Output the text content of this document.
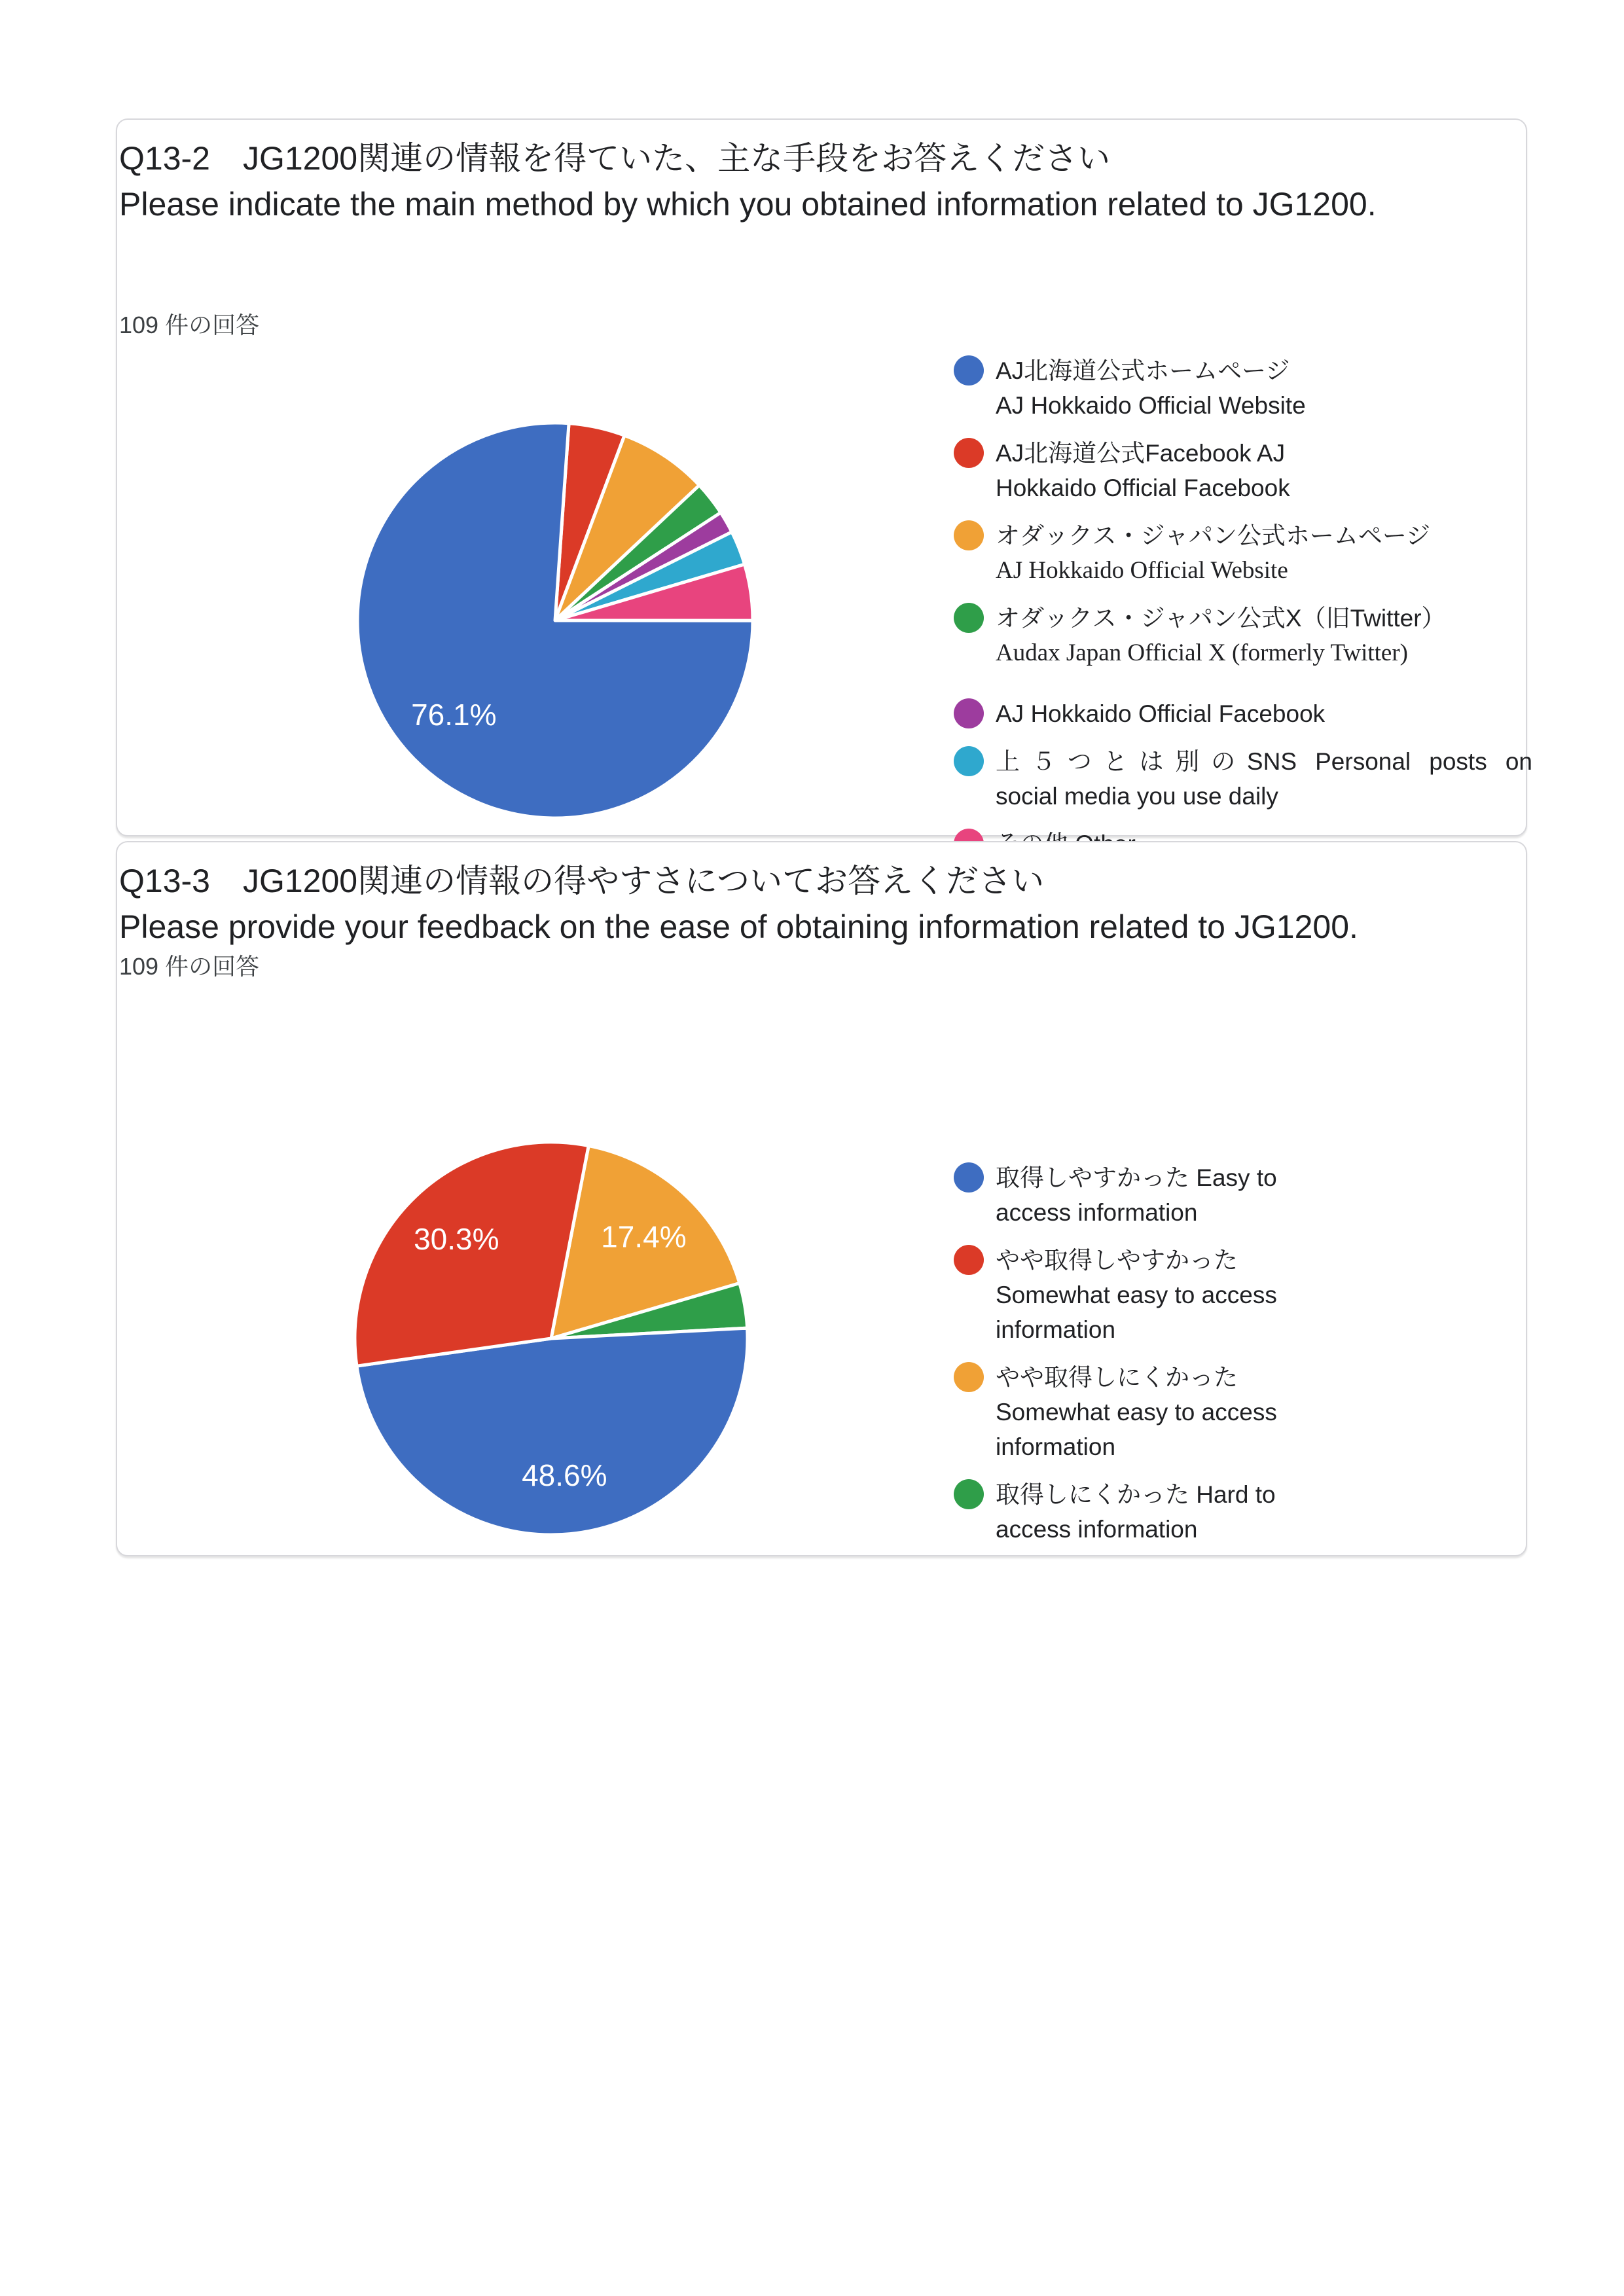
Q13-2　JG1200関連の情報を得ていた、主な手段をお答えください
Please indicate the main method by which you obtained information related to JG1200.
109 件の回答
76.1%
AJ北海道公式ホームページ
AJ Hokkaido Official Website
AJ北海道公式Facebook AJ
Hokkaido Official Facebook
オダックス・ジャパン公式ホームページ
AJ Hokkaido Official Website
オダックス・ジャパン公式X（旧Twitter）
Audax Japan Official X (formerly Twitter)
AJ Hokkaido Official Facebook
上５つとは別のSNS Personal posts on
social media you use daily
Q13-3　JG1200関連の情報の得やすさについてお答えください
Please provide your feedback on the ease of obtaining information related to JG1200.
109 件の回答
17.4%
48.6%
30.3%
取得しやすかった Easy to
access information
やや取得しやすかった
Somewhat easy to access
information
やや取得しにくかった
Somewhat easy to access
information
取得しにくかった Hard to
access information
